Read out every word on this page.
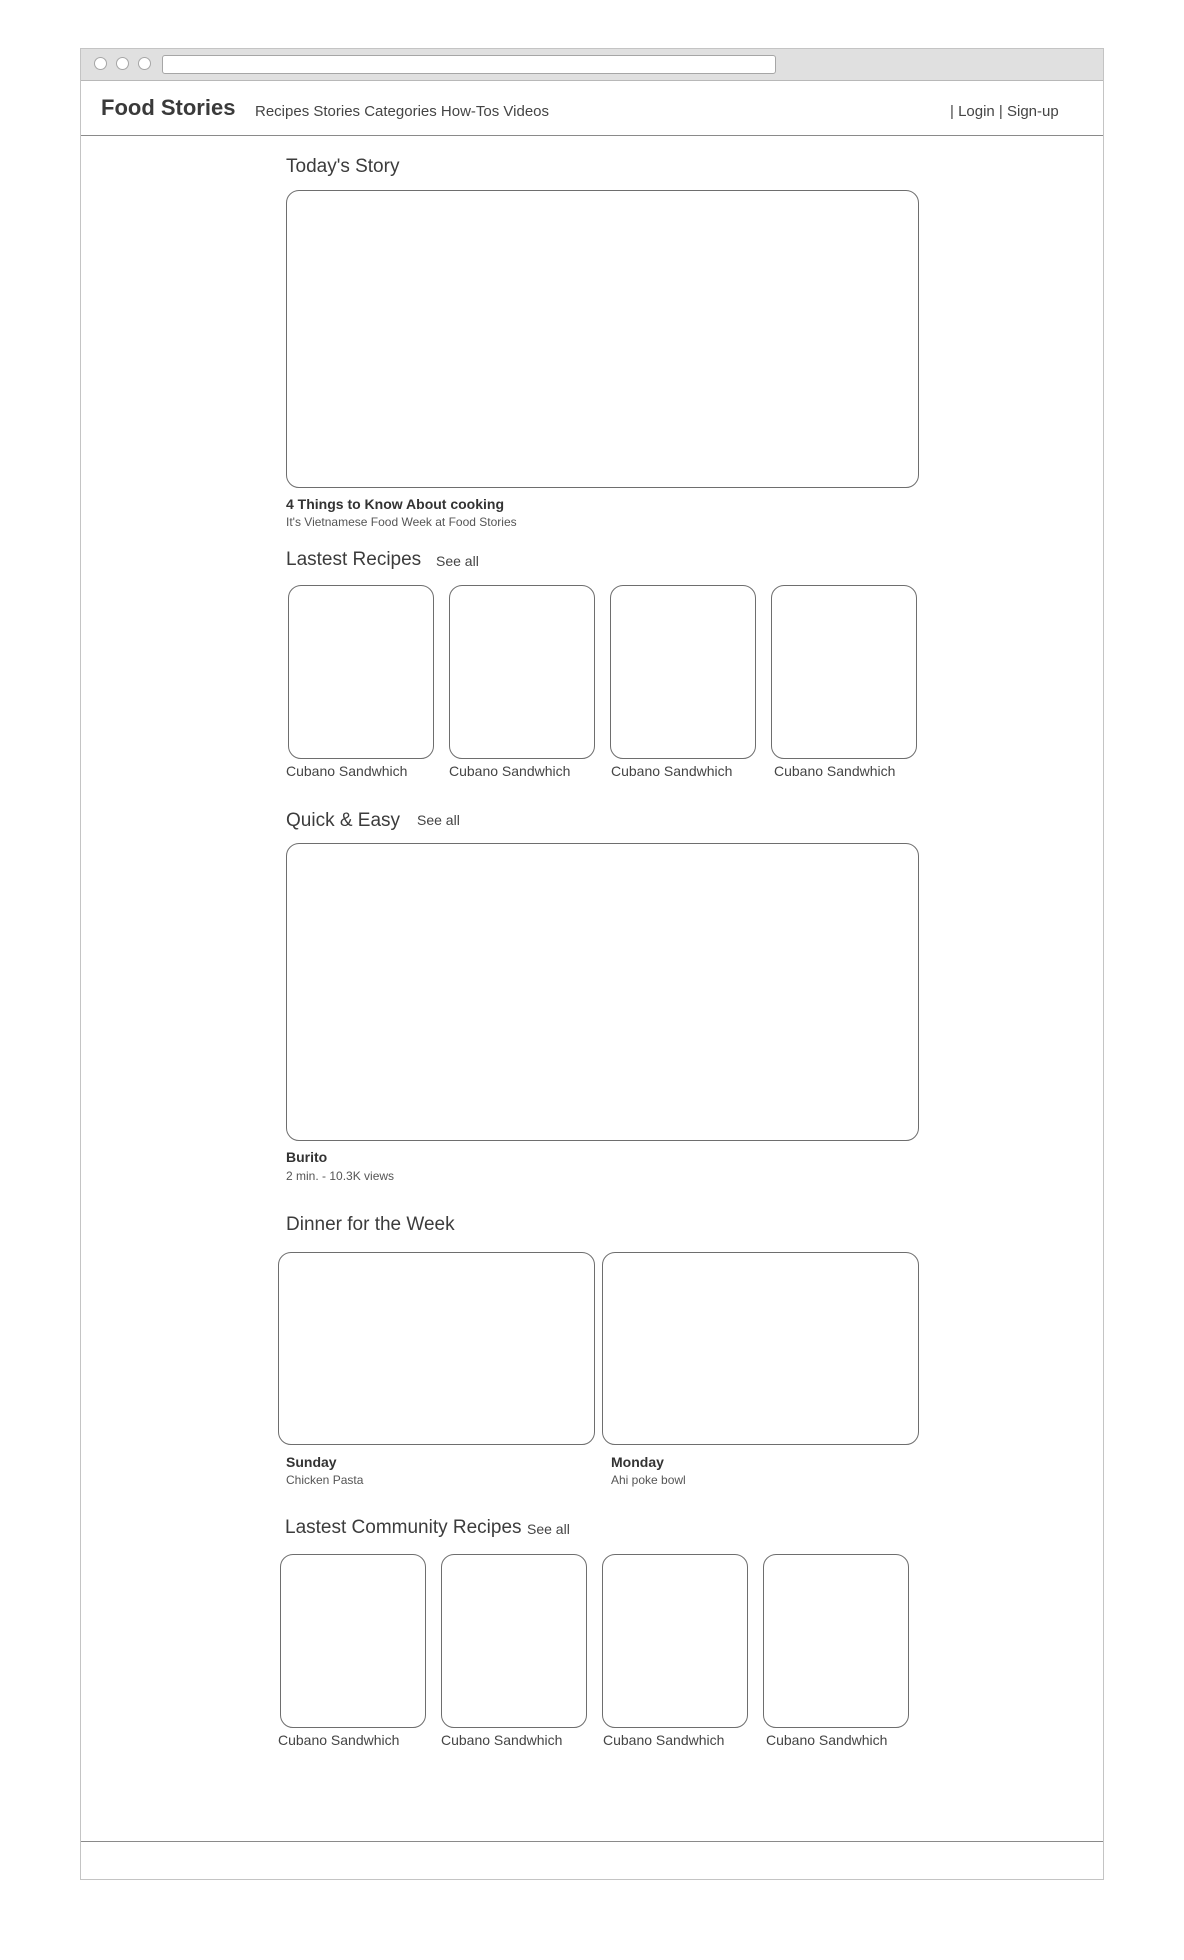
Food Stories Recipes Stories Categories How-Tos Videos	| Login | Sign-up
Today's Story
4 Things to Know About cooking
It's Vietnamese Food Week at Food Stories
Lastest Recipes See all
Cubano Sandwhich	Cubano Sandwhich	Cubano Sandwhich	Cubano Sandwhich
Quick & Easy See all
Burito
2 min. - 10.3K views
Dinner for the Week
Sunday
Chicken Pasta
Monday
Ahi poke bowl
Lastest Community Recipes See all
Cubano Sandwhich	Cubano Sandwhich	Cubano Sandwhich	Cubano Sandwhich
